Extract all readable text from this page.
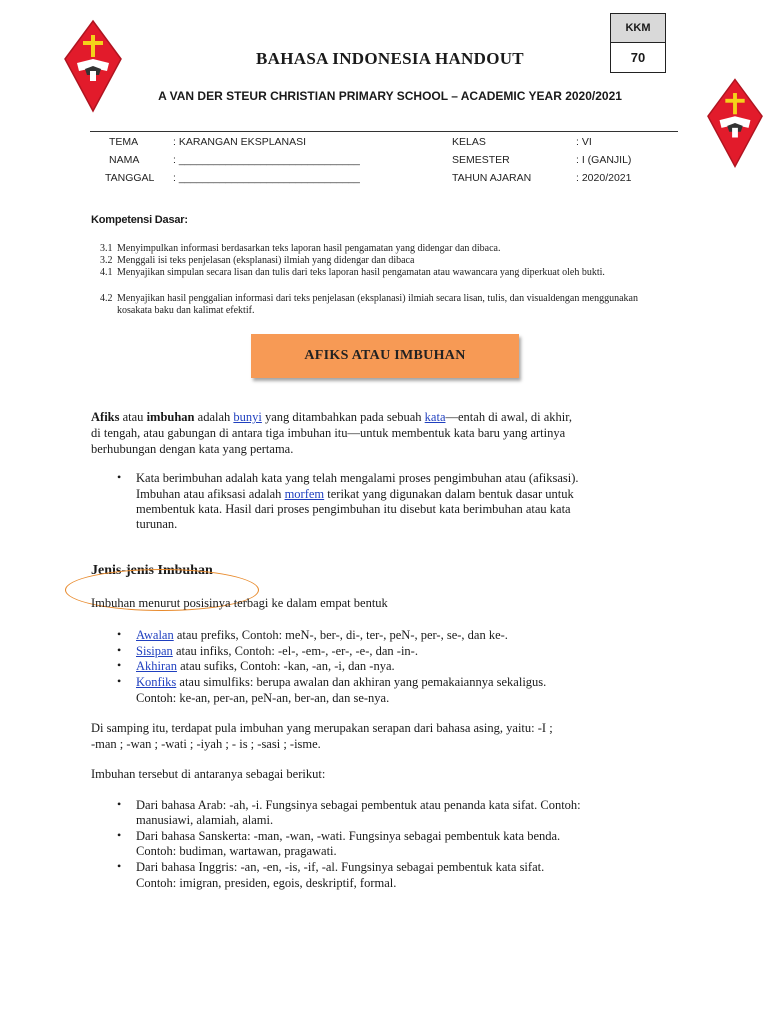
KKM
70
BAHASA INDONESIA HANDOUT
A VAN DER STEUR CHRISTIAN PRIMARY SCHOOL – ACADEMIC YEAR 2020/2021
TEMA	: KARANGAN EKSPLANASI
NAMA	: _______________________________
TANGGAL : _______________________________
KELAS	: VI
SEMESTER	: I (GANJIL)
TAHUN AJARAN	: 2020/2021
Kompetensi Dasar:
3.1 Menyimpulkan informasi berdasarkan teks laporan hasil pengamatan yang didengar dan dibaca.
3.2 Menggali isi teks penjelasan (eksplanasi) ilmiah yang didengar dan dibaca
4.1 Menyajikan simpulan secara lisan dan tulis dari teks laporan hasil pengamatan atau wawancara yang diperkuat oleh bukti.
4.2 Menyajikan hasil penggalian informasi dari teks penjelasan (eksplanasi) ilmiah secara lisan, tulis, dan visualdengan menggunakan kosakata baku dan kalimat efektif.
AFIKS ATAU IMBUHAN
Afiks atau imbuhan adalah bunyi yang ditambahkan pada sebuah kata—entah di awal, di akhir,
di tengah, atau gabungan di antara tiga imbuhan itu—untuk membentuk kata baru yang artinya
berhubungan dengan kata yang pertama.
• Kata berimbuhan adalah kata yang telah mengalami proses pengimbuhan atau (afiksasi).
Imbuhan atau afiksasi adalah morfem terikat yang digunakan dalam bentuk dasar untuk
membentuk kata. Hasil dari proses pengimbuhan itu disebut kata berimbuhan atau kata
turunan.
Jenis-jenis Imbuhan
Imbuhan menurut posisinya terbagi ke dalam empat bentuk
• Awalan atau prefiks, Contoh: meN-, ber-, di-, ter-, peN-, per-, se-, dan ke-.
• Sisipan atau infiks, Contoh: -el-, -em-, -er-, -e-, dan -in-.
• Akhiran atau sufiks, Contoh: -kan, -an, -i, dan -nya.
• Konfiks atau simulfiks: berupa awalan dan akhiran yang pemakaiannya sekaligus.
Contoh: ke-an, per-an, peN-an, ber-an, dan se-nya.
Di samping itu, terdapat pula imbuhan yang merupakan serapan dari bahasa asing, yaitu: -I ;
-man ; -wan ; -wati ; -iyah ; - is ; -sasi ; -isme.
Imbuhan tersebut di antaranya sebagai berikut:
• Dari bahasa Arab: -ah, -i. Fungsinya sebagai pembentuk atau penanda kata sifat. Contoh:
manusiawi, alamiah, alami.
• Dari bahasa Sanskerta: -man, -wan, -wati. Fungsinya sebagai pembentuk kata benda.
Contoh: budiman, wartawan, pragawati.
• Dari bahasa Inggris: -an, -en, -is, -if, -al. Fungsinya sebagai pembentuk kata sifat.
Contoh: imigran, presiden, egois, deskriptif, formal.
